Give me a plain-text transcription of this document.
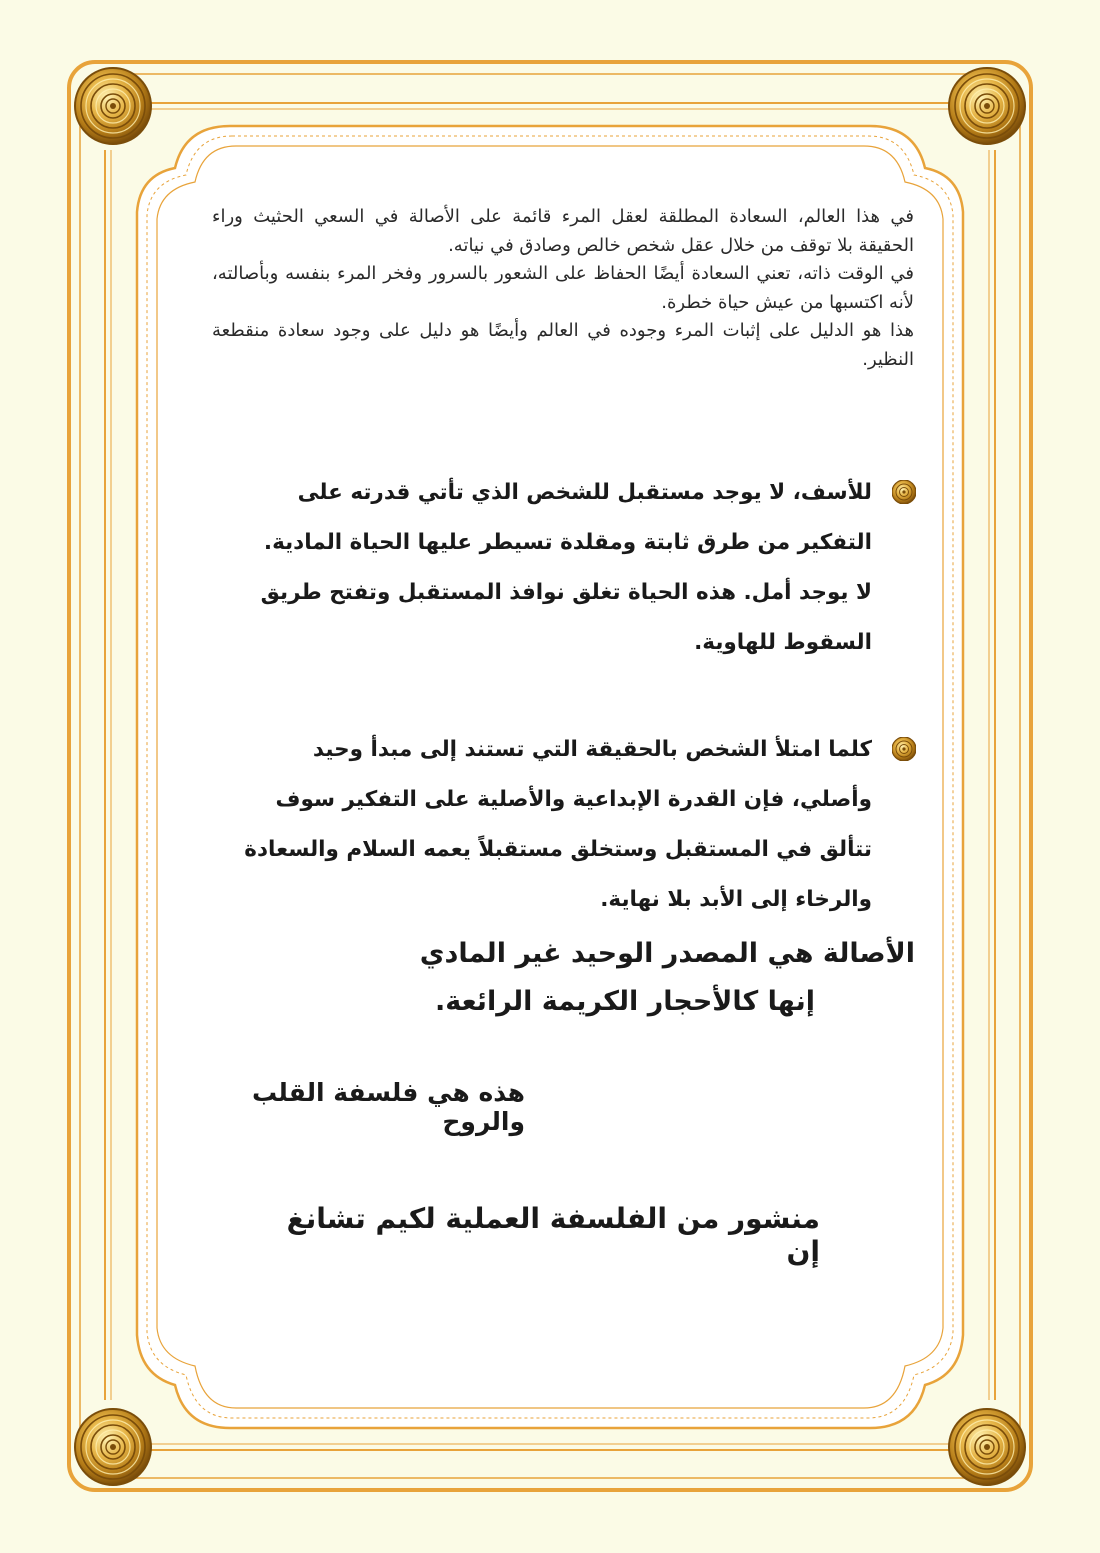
في هذا العالم، السعادة المطلقة لعقل المرء قائمة على الأصالة في السعي الحثيث وراء الحقيقة بلا توقف من خلال عقل شخص خالص وصادق في نياته.

في الوقت ذاته، تعني السعادة أيضًا الحفاظ على الشعور بالسرور وفخر المرء بنفسه وبأصالته، لأنه اكتسبها من عيش حياة خطرة.

هذا هو الدليل على إثبات المرء وجوده في العالم وأيضًا هو دليل على وجود سعادة منقطعة النظير.

للأسف، لا يوجد مستقبل للشخص الذي تأتي قدرته على التفكير من طرق ثابتة ومقلدة تسيطر عليها الحياة المادية.

لا يوجد أمل. هذه الحياة تغلق نوافذ المستقبل وتفتح طريق السقوط للهاوية.

كلما امتلأ الشخص بالحقيقة التي تستند إلى مبدأ وحيد وأصلي، فإن القدرة الإبداعية والأصلية على التفكير سوف تتألق في المستقبل وستخلق مستقبلاً يعمه السلام والسعادة والرخاء إلى الأبد بلا نهاية.

الأصالة هي المصدر الوحيد غير المادي

إنها كالأحجار الكريمة الرائعة.

هذه هي فلسفة القلب والروح
منشور من الفلسفة العملية لكيم تشانغ إن
